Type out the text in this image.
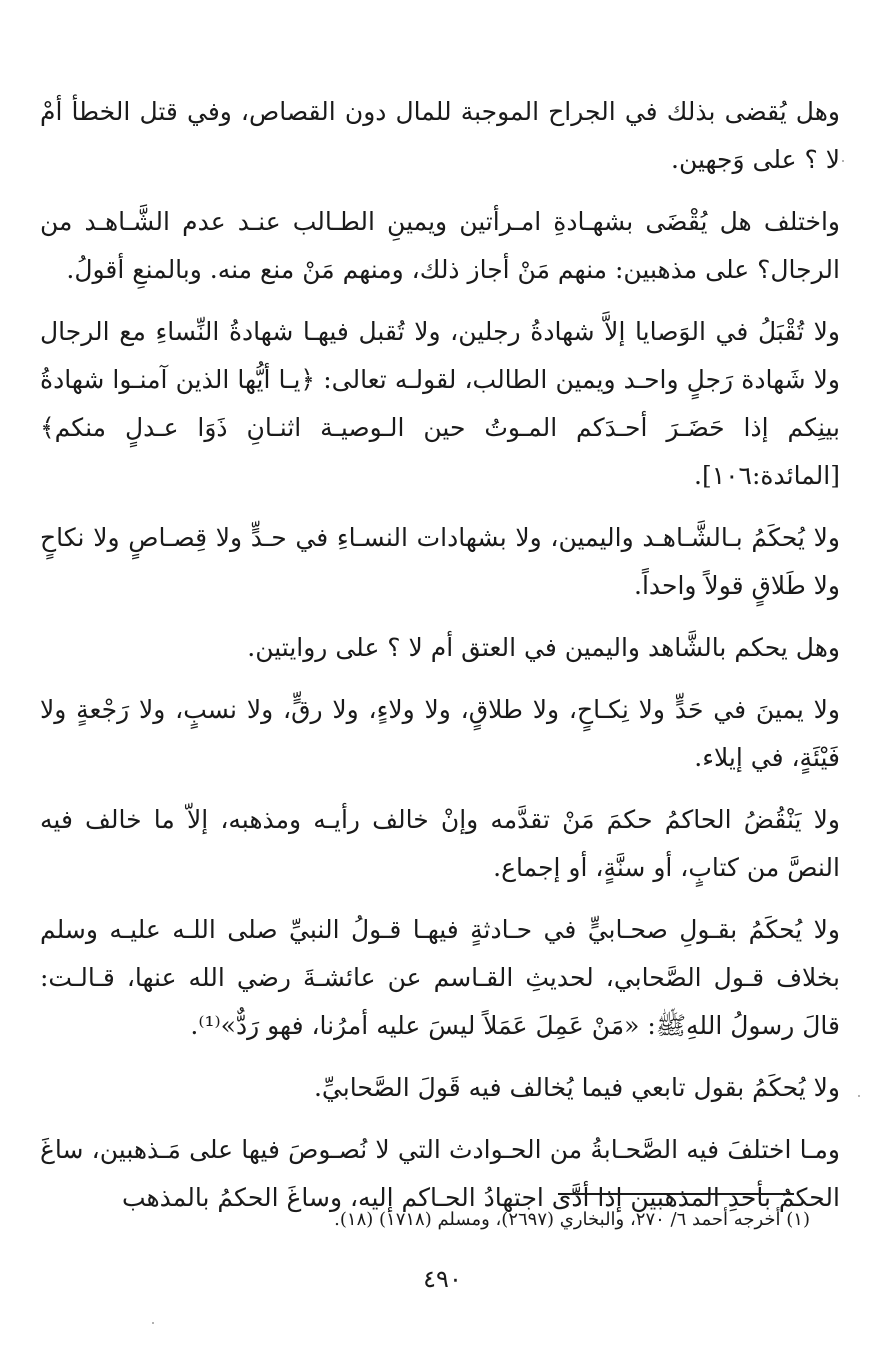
وهل يُقضى بذلك في الجراح الموجبة للمال دون القصاص، وفي قتل الخطأ أمْ لا ؟ على وَجهين.

واختلف هل يُقْضَى بشهـادةِ امـرأتين ويمينِ الطـالب عنـد عدم الشَّـاهـد من الرجال؟ على مذهبين: منهم مَنْ أجاز ذلك، ومنهم مَنْ منع منه. وبالمنعِ أقولُ.

ولا تُقْبَلُ في الوَصايا إلاَّ شهادةُ رجلين، ولا تُقبل فيهـا شهادةُ النِّساءِ مع الرجال ولا شَهادة رَجلٍ واحـد ويمين الطالب، لقولـه تعالى: ﴿يـا أيُّها الذين آمنـوا شهادةُ بينِكم إذا حَضَـرَ أحـدَكم المـوتُ حين الـوصيـة اثنـانِ ذَوَا عـدلٍ منكم﴾ [المائدة:١٠٦].

ولا يُحكَمُ بـالشَّـاهـد واليمين، ولا بشهادات النسـاءِ في حـدٍّ ولا قِصـاصٍ ولا نكاحٍ ولا طَلاقٍ قولاً واحداً.

وهل يحكم بالشَّاهد واليمين في العتق أم لا ؟ على روايتين.

ولا يمينَ في حَدٍّ ولا نِكـاحٍ، ولا طلاقٍ، ولا ولاءٍ، ولا رقٍّ، ولا نسبٍ، ولا رَجْعةٍ ولا فَيْئَةٍ، في إيلاء.

ولا يَنْقُضُ الحاكمُ حكمَ مَنْ تقدَّمه وإنْ خالف رأيـه ومذهبه، إلاّ ما خالف فيه النصَّ من كتابٍ، أو سنَّةٍ، أو إجماع.

ولا يُحكَمُ بقـولِ صحـابيٍّ في حـادثةٍ فيهـا قـولُ النبيِّ صلى اللـه عليـه وسلم بخلاف قـول الصَّحابي، لحديثِ القـاسم عن عائشـةَ رضي الله عنها، قـالـت: قالَ رسولُ اللهِﷺ: «مَنْ عَمِلَ عَمَلاً ليسَ عليه أمرُنا، فهو رَدٌّ»⁽¹⁾.

ولا يُحكَمُ بقول تابعي فيما يُخالف فيه قَولَ الصَّحابيِّ.

ومـا اختلفَ فيه الصَّحـابةُ من الحـوادث التي لا نُصـوصَ فيها على مَـذهبين، ساغَ الحكمُ بأحدِ المذهبين إذا أدَّى اجتهادُ الحـاكم إليه، وساغَ الحكمُ بالمذهب

(١) أخرجه أحمد ٦/ ٢٧٠، والبخاري (٢٦٩٧)، ومسلم (١٧١٨) (١٨).
٤٩٠
